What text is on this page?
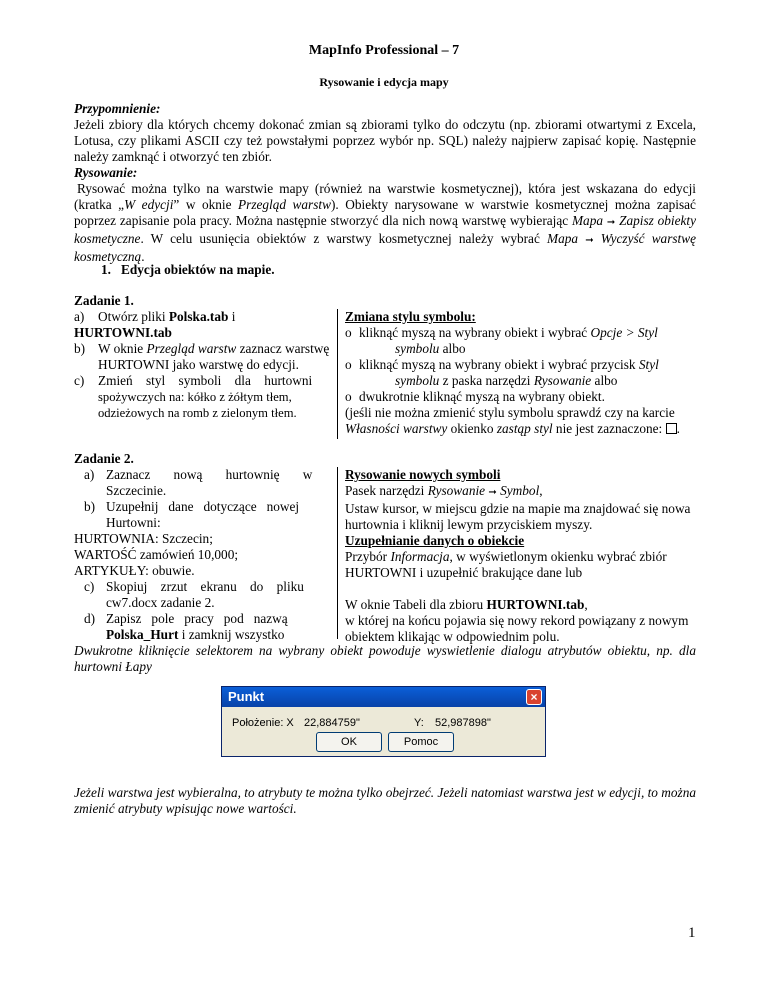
MapInfo Professional – 7
Rysowanie i edycja mapy
Przypomnienie:
Jeżeli zbiory dla których chcemy dokonać zmian są zbiorami tylko do odczytu (np. zbiorami otwartymi z Excela, Lotusa, czy plikami ASCII czy też powstałymi poprzez wybór np. SQL) należy najpierw zapisać kopię. Następnie należy zamknąć i otworzyć ten zbiór.
Rysowanie:
Rysować można tylko na warstwie mapy (również na warstwie kosmetycznej), która jest wskazana do edycji (kratka „W edycji” w oknie Przegląd warstw). Obiekty narysowane w warstwie kosmetycznej można zapisać poprzez zapisanie pola pracy. Można następnie stworzyć dla nich nową warstwę wybierając Mapa ➞ Zapisz obiekty kosmetyczne. W celu usunięcia obiektów z warstwy kosmetycznej należy wybrać Mapa ➞ Wyczyść warstwę kosmetyczną.
1.   Edycja obiektów na mapie.
Zadanie 1.
a) Otwórz pliki Polska.tab i HURTOWNI.tab
b) W oknie Przegląd warstw zaznacz warstwę
HURTOWNI jako warstwę do edycji.
c) Zmień    styl    symboli    dla    hurtowni
spożywczych na: kółko z żółtym tłem,
odzieżowych na romb z zielonym tłem.
Zmiana stylu symbolu:
o kliknąć myszą na wybrany obiekt i wybrać Opcje > Styl
symbolu albo
o kliknąć myszą na wybrany obiekt i wybrać przycisk Styl
symbolu z paska narzędzi Rysowanie albo
o dwukrotnie kliknąć myszą na wybrany obiekt.
(jeśli nie można zmienić stylu symbolu sprawdź czy na karcie
Własności warstwy okienko zastąp styl nie jest zaznaczone: .
Zadanie 2.
a) Zaznacz       nową       hurtownię       w
Szczecinie.
b) Uzupełnij   dane   dotyczące   nowej
Hurtowni:
HURTOWNIA: Szczecin;
WARTOŚĆ zamówień 10,000;
ARTYKUŁY: obuwie.
c) Skopiuj    zrzut    ekranu    do    pliku
cw7.docx zadanie 2.
d) Zapisz   pole   pracy   pod   nazwą
Polska_Hurt i zamknij wszystko
Rysowanie nowych symboli
Pasek narzędzi Rysowanie ➞ Symbol,
Ustaw kursor, w miejscu gdzie na mapie ma znajdować się nowa
hurtownia i kliknij lewym przyciskiem myszy.
Uzupełnianie danych o obiekcie
Przybór Informacja, w wyświetlonym okienku wybrać zbiór
HURTOWNI i uzupełnić brakujące dane lub
W oknie Tabeli dla zbioru HURTOWNI.tab,
w której na końcu pojawia się nowy rekord powiązany z nowym
obiektem klikając w odpowiednim polu.
Dwukrotne kliknięcie selektorem na wybrany obiekt powoduje wyswietlenie dialogu atrybutów obiektu, np. dla hurtowni Łapy
Punkt	×
Położenie: X 22,884759"	Y: 52,987898"
OK	Pomoc
Jeżeli warstwa jest wybieralna, to atrybuty te można tylko obejrzeć. Jeżeli natomiast warstwa jest w edycji, to można zmienić atrybuty wpisując nowe wartości.
1
